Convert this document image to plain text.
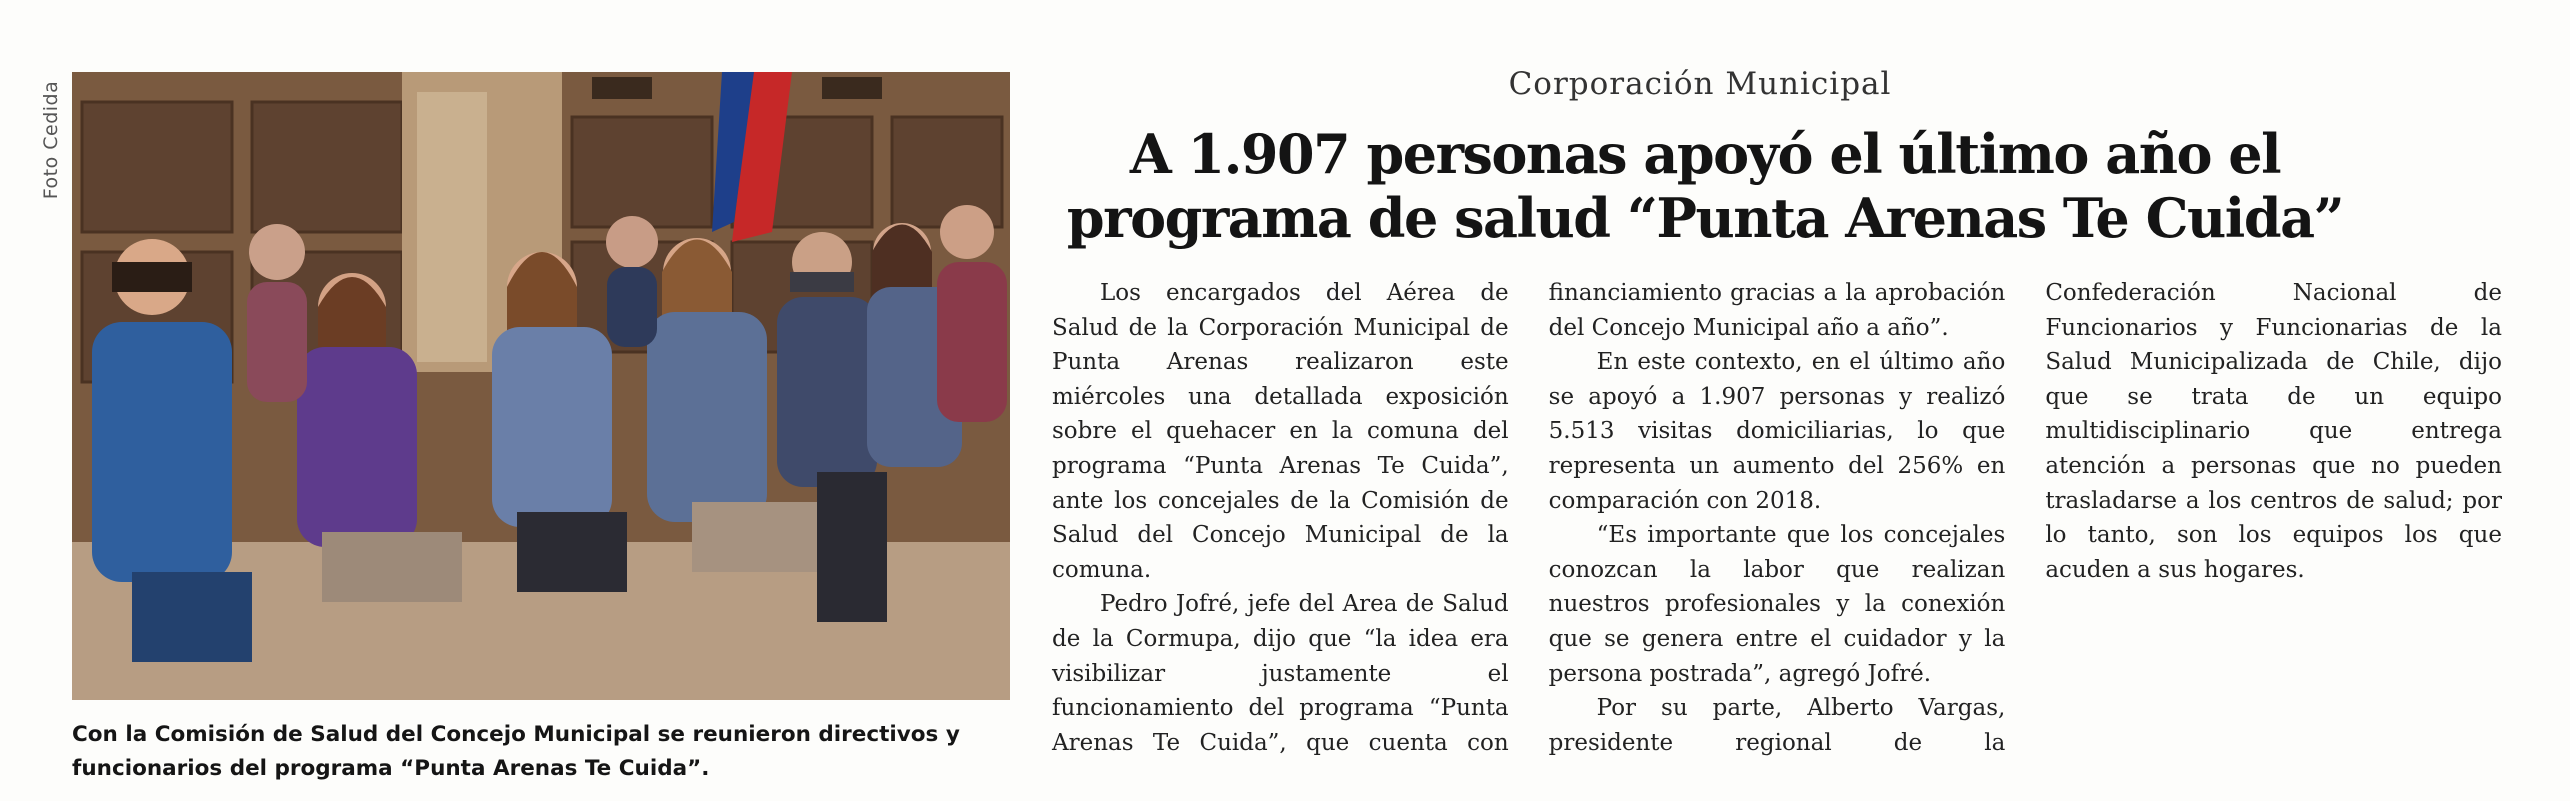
Foto Cedida
Con la Comisión de Salud del Concejo Municipal se reunieron directivos y funcionarios del programa “Punta Arenas Te Cuida”.
Corporación Municipal
A 1.907 personas apoyó el último año el programa de salud “Punta Arenas Te Cuida”

Los encargados del Aérea de Salud de la Corporación Municipal de Punta Arenas realizaron este miércoles una detallada exposición sobre el quehacer en la comuna del programa “Punta Arenas Te Cuida”, ante los concejales de la Comisión de Salud del Concejo Municipal de la comuna.

Pedro Jofré, jefe del Area de Salud de la Cormupa, dijo que “la idea era visibilizar justamente el funcionamiento del programa “Punta Arenas Te Cuida”, que cuenta con financiamiento gracias a la aprobación del Concejo Municipal año a año”.

En este contexto, en el último año se apoyó a 1.907 personas y realizó 5.513 visitas domiciliarias, lo que representa un aumento del 256% en comparación con 2018.

“Es importante que los concejales conozcan la labor que realizan nuestros profesionales y la conexión que se genera entre el cuidador y la persona postrada”, agregó Jofré.

Por su parte, Alberto Vargas, presidente regional de la Confederación Nacional de Funcionarios y Funcionarias de la Salud Municipalizada de Chile, dijo que se trata de un equipo multidisciplinario que entrega atención a personas que no pueden trasladarse a los centros de salud; por lo tanto, son los equipos los que acuden a sus hogares.
